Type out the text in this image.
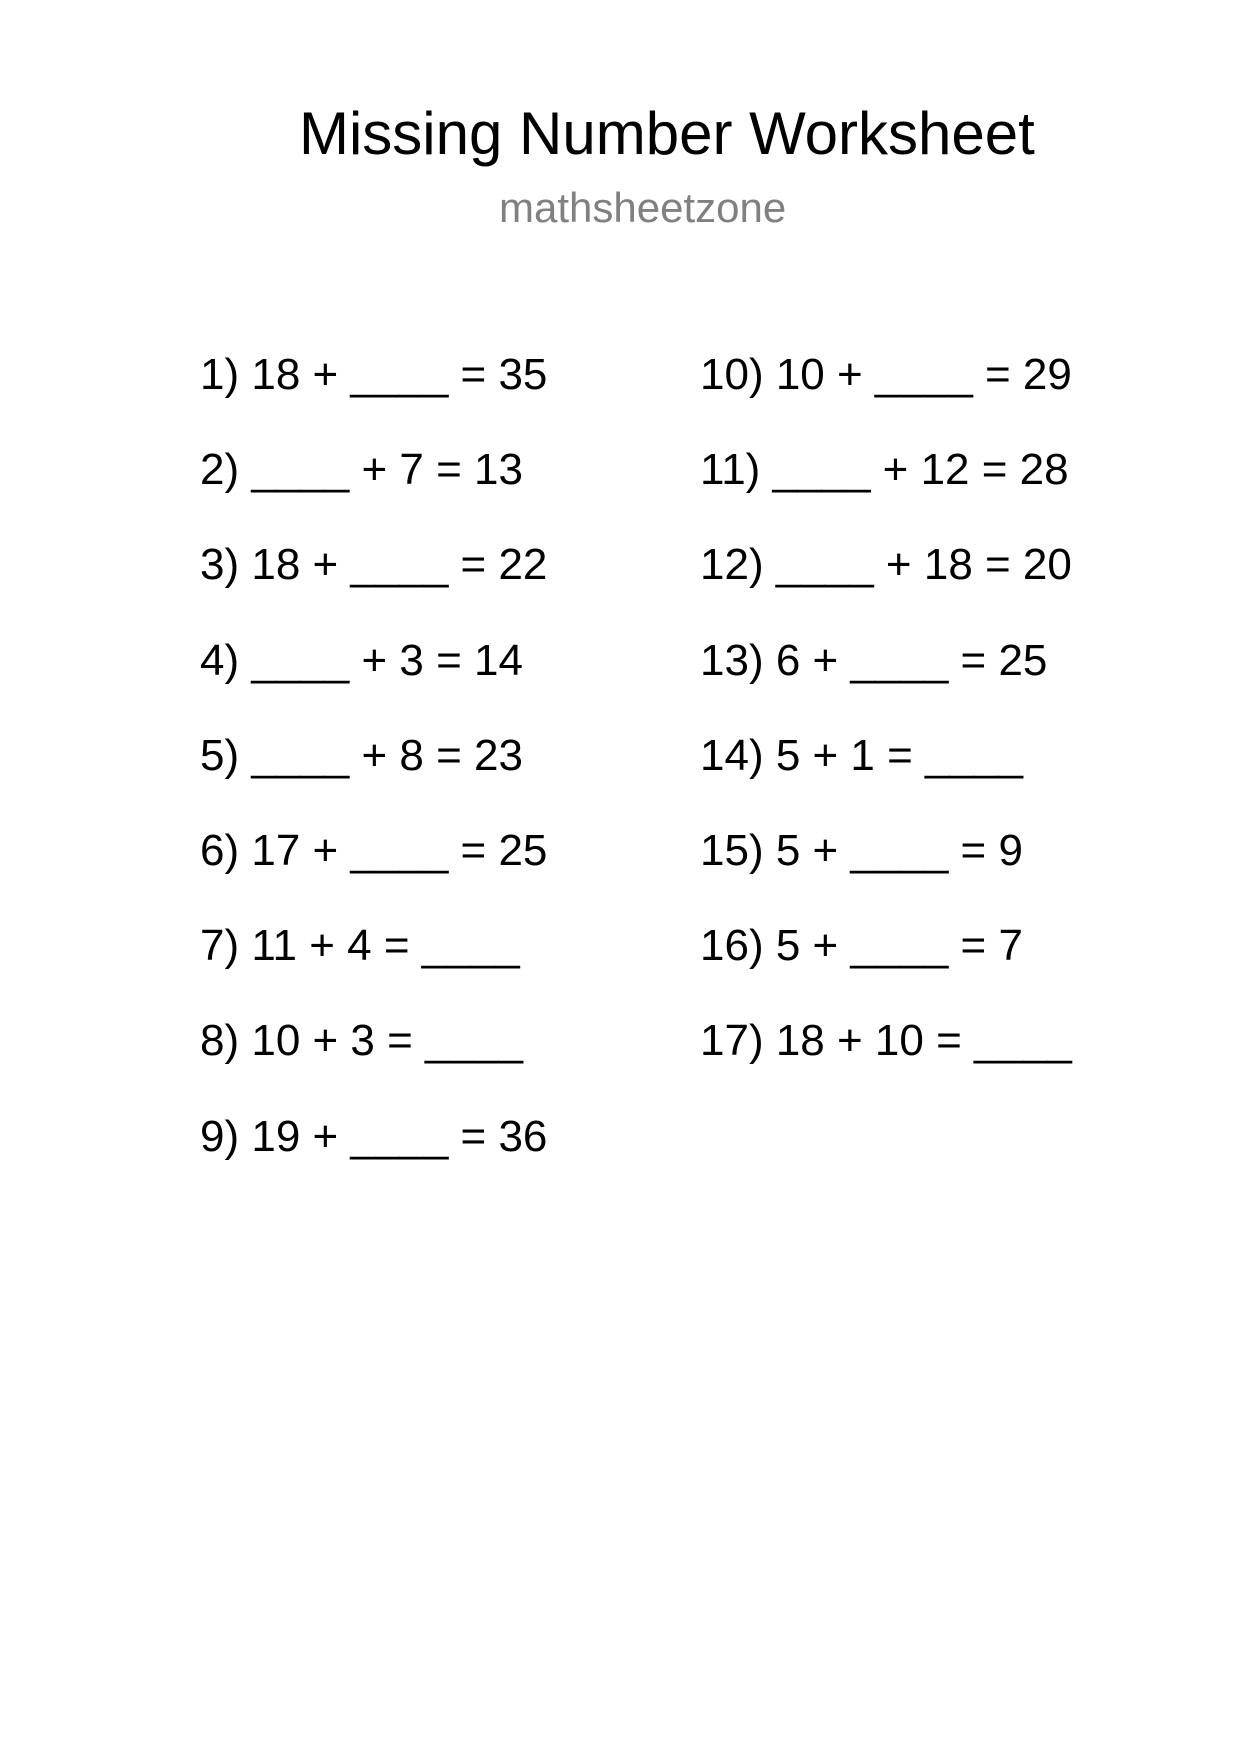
Missing Number Worksheet
mathsheetzone
1) 18 + ____ = 35
2) ____ + 7 = 13
3) 18 + ____ = 22
4) ____ + 3 = 14
5) ____ + 8 = 23
6) 17 + ____ = 25
7) 11 + 4 = ____
8) 10 + 3 = ____
9) 19 + ____ = 36
10) 10 + ____ = 29
11) ____ + 12 = 28
12) ____ + 18 = 20
13) 6 + ____ = 25
14) 5 + 1 = ____
15) 5 + ____ = 9
16) 5 + ____ = 7
17) 18 + 10 = ____
